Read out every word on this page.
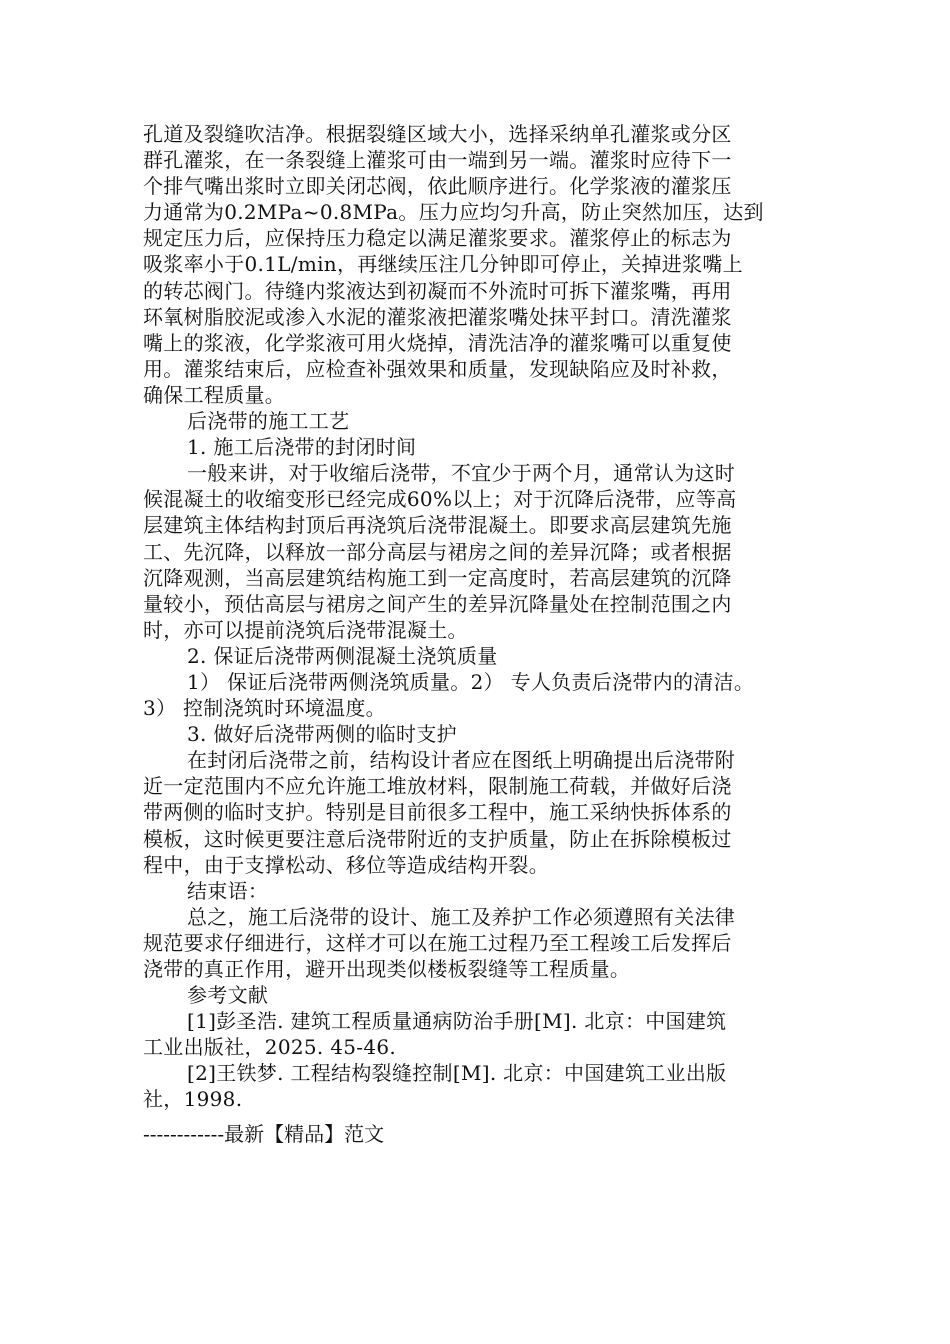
孔道及裂缝吹洁净。根据裂缝区域大小，选择采纳单孔灌浆或分区
群孔灌浆，在一条裂缝上灌浆可由一端到另一端。灌浆时应待下一
个排气嘴出浆时立即关闭芯阀，依此顺序进行。化学浆液的灌浆压
力通常为0.2MPa~0.8MPa。压力应均匀升高，防止突然加压，达到
规定压力后，应保持压力稳定以满足灌浆要求。灌浆停止的标志为
吸浆率小于0.1L/min，再继续压注几分钟即可停止，关掉进浆嘴上
的转芯阀门。待缝内浆液达到初凝而不外流时可拆下灌浆嘴，再用
环氧树脂胶泥或渗入水泥的灌浆液把灌浆嘴处抹平封口。清洗灌浆
嘴上的浆液，化学浆液可用火烧掉，清洗洁净的灌浆嘴可以重复使
用。灌浆结束后，应检查补强效果和质量，发现缺陷应及时补救，
确保工程质量。
后浇带的施工工艺
1. 施工后浇带的封闭时间
一般来讲，对于收缩后浇带，不宜少于两个月，通常认为这时
候混凝土的收缩变形已经完成60%以上；对于沉降后浇带，应等高
层建筑主体结构封顶后再浇筑后浇带混凝土。即要求高层建筑先施
工、先沉降，以释放一部分高层与裙房之间的差异沉降；或者根据
沉降观测，当高层建筑结构施工到一定高度时，若高层建筑的沉降
量较小，预估高层与裙房之间产生的差异沉降量处在控制范围之内
时，亦可以提前浇筑后浇带混凝土。
2. 保证后浇带两侧混凝土浇筑质量
1） 保证后浇带两侧浇筑质量。2） 专人负责后浇带内的清洁。
3） 控制浇筑时环境温度。
3. 做好后浇带两侧的临时支护
在封闭后浇带之前，结构设计者应在图纸上明确提出后浇带附
近一定范围内不应允许施工堆放材料，限制施工荷载，并做好后浇
带两侧的临时支护。特别是目前很多工程中，施工采纳快拆体系的
模板，这时候更要注意后浇带附近的支护质量，防止在拆除模板过
程中，由于支撑松动、移位等造成结构开裂。
结束语：
总之，施工后浇带的设计、施工及养护工作必须遵照有关法律
规范要求仔细进行，这样才可以在施工过程乃至工程竣工后发挥后
浇带的真正作用，避开出现类似楼板裂缝等工程质量。
参考文献
[1]彭圣浩. 建筑工程质量通病防治手册[M]. 北京：中国建筑
工业出版社，2025. 45-46.
[2]王铁梦. 工程结构裂缝控制[M]. 北京：中国建筑工业出版
社，1998.
------------最新【精品】范文
